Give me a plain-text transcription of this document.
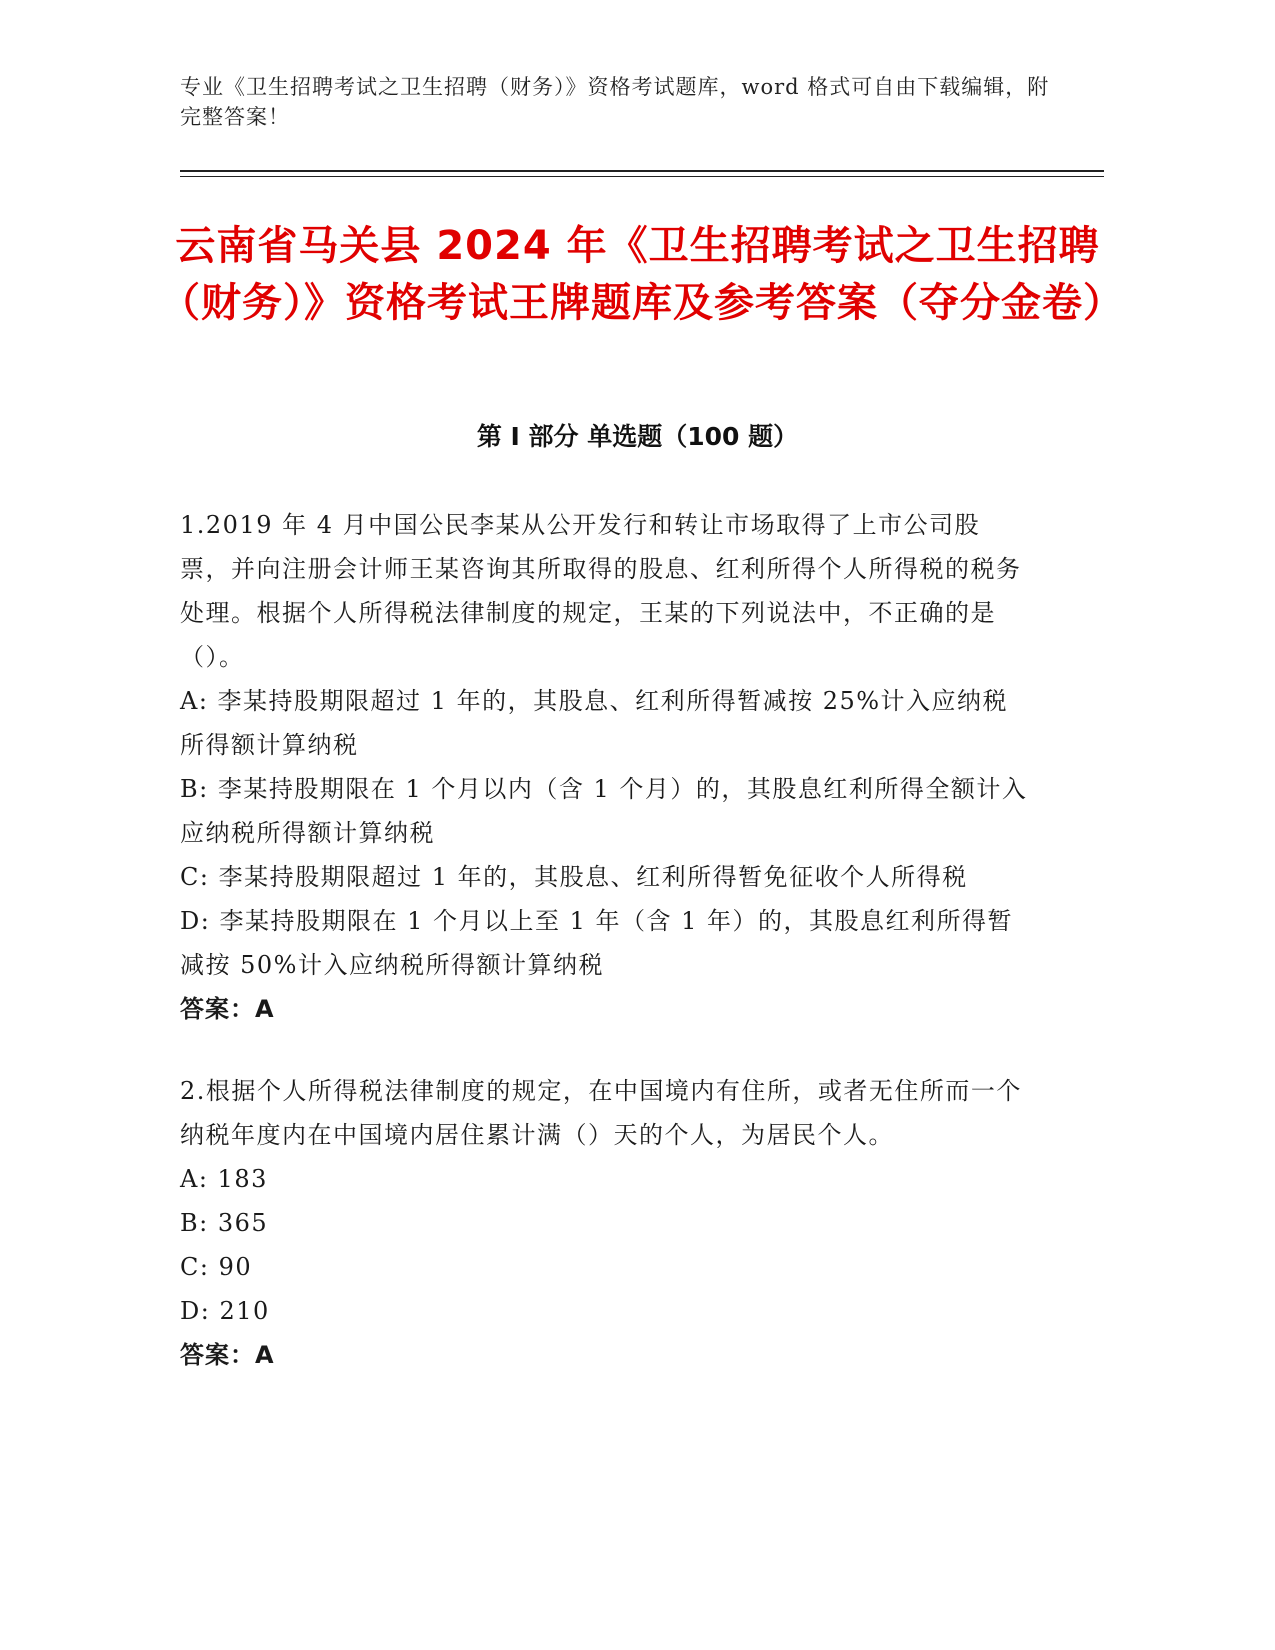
专业《卫生招聘考试之卫生招聘（财务）》资格考试题库，word 格式可自由下载编辑，附完整答案！
云南省马关县 2024 年《卫生招聘考试之卫生招聘（财务）》资格考试王牌题库及参考答案（夺分金卷）
第 I 部分 单选题（100 题）

1.2019 年 4 月中国公民李某从公开发行和转让市场取得了上市公司股票，并向注册会计师王某咨询其所取得的股息、红利所得个人所得税的税务处理。根据个人所得税法律制度的规定，王某的下列说法中，不正确的是（）。

A: 李某持股期限超过 1 年的，其股息、红利所得暂减按 25%计入应纳税所得额计算纳税

B: 李某持股期限在 1 个月以内（含 1 个月）的，其股息红利所得全额计入应纳税所得额计算纳税

C: 李某持股期限超过 1 年的，其股息、红利所得暂免征收个人所得税

D: 李某持股期限在 1 个月以上至 1 年（含 1 年）的，其股息红利所得暂减按 50%计入应纳税所得额计算纳税

答案：A

2.根据个人所得税法律制度的规定，在中国境内有住所，或者无住所而一个纳税年度内在中国境内居住累计满（）天的个人，为居民个人。

A: 183

B: 365

C: 90

D: 210

答案：A
